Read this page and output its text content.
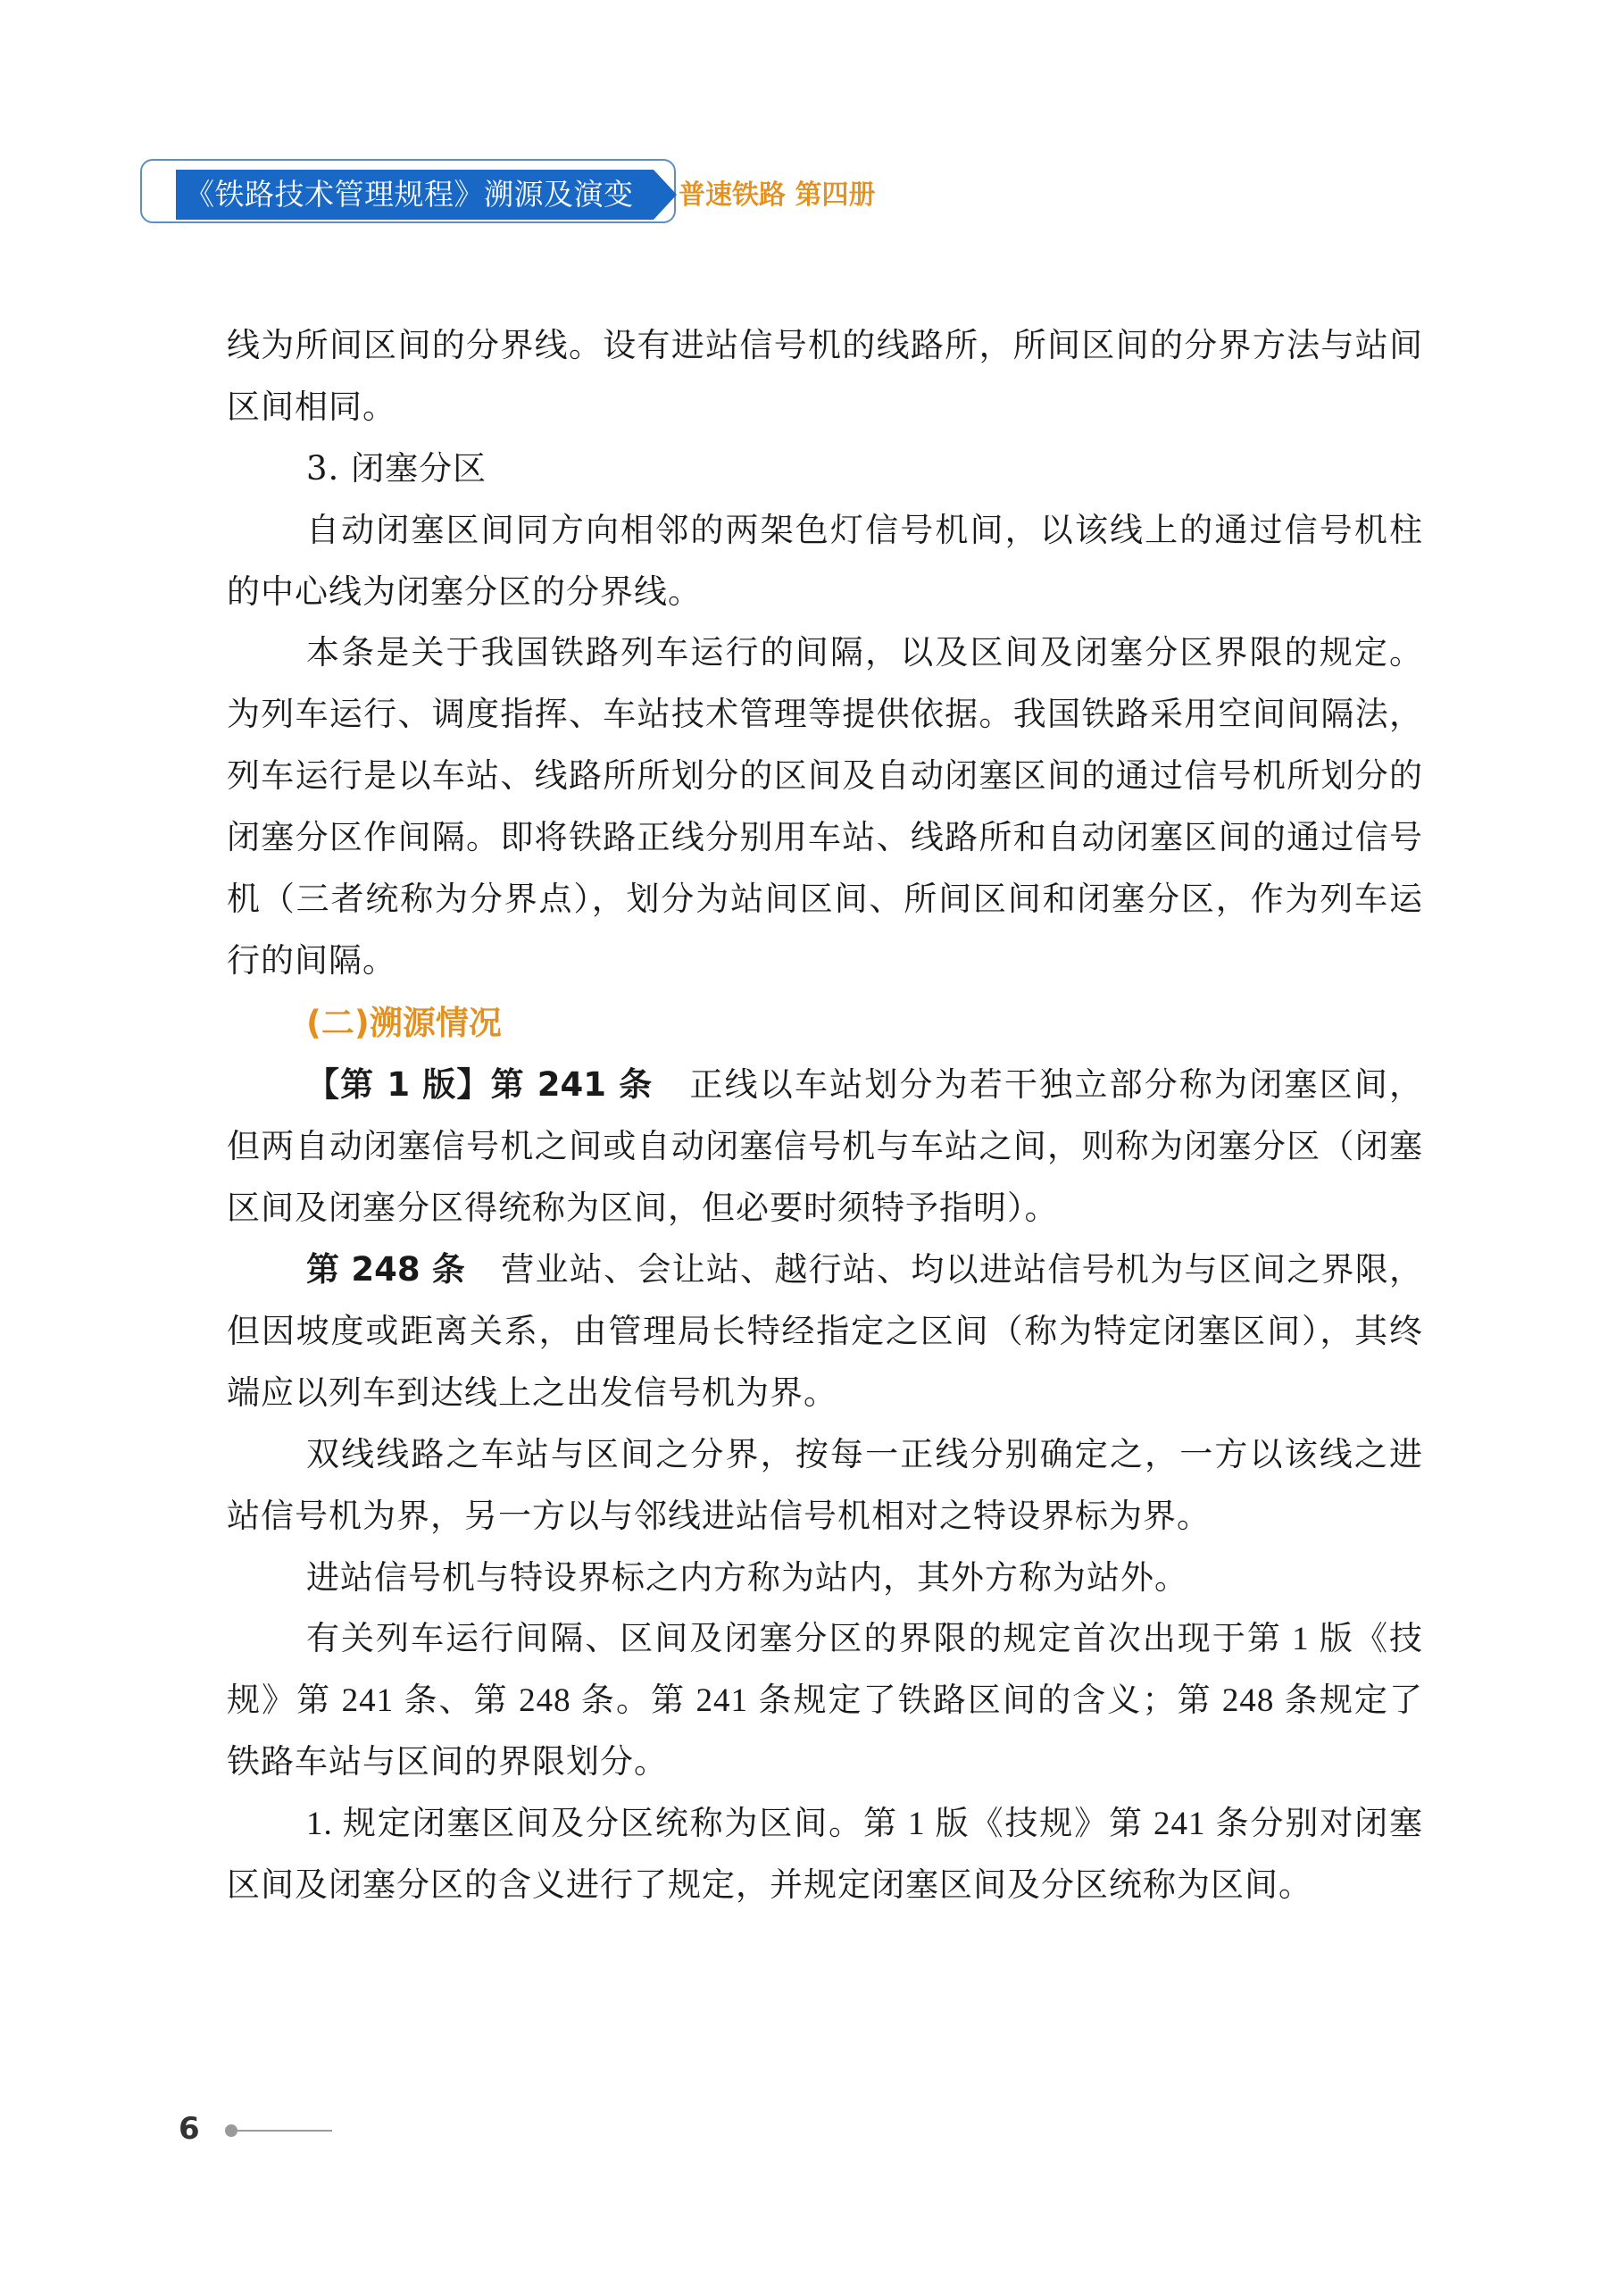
《铁路技术管理规程》溯源及演变	普速铁路 第四册

线为所间区间的分界线。设有进站信号机的线路所，所间区间的分界方法与站间区间相同。

3. 闭塞分区

自动闭塞区间同方向相邻的两架色灯信号机间，以该线上的通过信号机柱的中心线为闭塞分区的分界线。

本条是关于我国铁路列车运行的间隔，以及区间及闭塞分区界限的规定。为列车运行、调度指挥、车站技术管理等提供依据。我国铁路采用空间间隔法，列车运行是以车站、线路所所划分的区间及自动闭塞区间的通过信号机所划分的闭塞分区作间隔。即将铁路正线分别用车站、线路所和自动闭塞区间的通过信号机（三者统称为分界点），划分为站间区间、所间区间和闭塞分区，作为列车运行的间隔。

(二)溯源情况

【第 1 版】第 241 条 正线以车站划分为若干独立部分称为闭塞区间，但两自动闭塞信号机之间或自动闭塞信号机与车站之间，则称为闭塞分区（闭塞区间及闭塞分区得统称为区间，但必要时须特予指明）。

第 248 条 营业站、会让站、越行站、均以进站信号机为与区间之界限，但因坡度或距离关系，由管理局长特经指定之区间（称为特定闭塞区间），其终端应以列车到达线上之出发信号机为界。

双线线路之车站与区间之分界，按每一正线分别确定之，一方以该线之进站信号机为界，另一方以与邻线进站信号机相对之特设界标为界。

进站信号机与特设界标之内方称为站内，其外方称为站外。

有关列车运行间隔、区间及闭塞分区的界限的规定首次出现于第 1 版《技规》第 241 条、第 248 条。第 241 条规定了铁路区间的含义；第 248 条规定了铁路车站与区间的界限划分。

1. 规定闭塞区间及分区统称为区间。第 1 版《技规》第 241 条分别对闭塞区间及闭塞分区的含义进行了规定，并规定闭塞区间及分区统称为区间。

6
